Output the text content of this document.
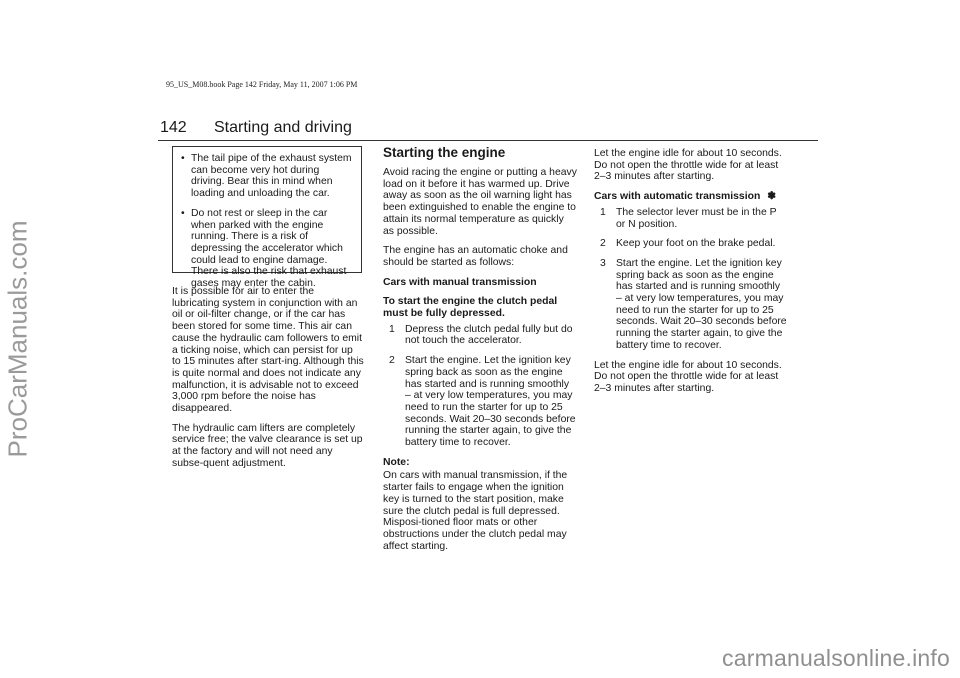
ProCarManuals.com
95_US_M08.book Page 142 Friday, May 11, 2007 1:06 PM
142 Starting and driving
• The tail pipe of the exhaust system can become very hot during driving. Bear this in mind when loading and unloading the car.
• Do not rest or sleep in the car when parked with the engine running. There is a risk of depressing the accelerator which could lead to engine damage. There is also the risk that exhaust gases may enter the cabin.

It is possible for air to enter the lubricating system in conjunction with an oil or oil-filter change, or if the car has been stored for some time. This air can cause the hydraulic cam followers to emit a ticking noise, which can persist for up to 15 minutes after start-ing. Although this is quite normal and does not indicate any malfunction, it is advisable not to exceed 3,000 rpm before the noise has disappeared.

The hydraulic cam lifters are completely service free; the valve clearance is set up at the factory and will not need any subse-quent adjustment.

Starting the engine

Avoid racing the engine or putting a heavy load on it before it has warmed up. Drive away as soon as the oil warning light has been extinguished to enable the engine to attain its normal temperature as quickly as possible.

The engine has an automatic choke and should be started as follows:

Cars with manual transmission

To start the engine the clutch pedal must be fully depressed.

1 Depress the clutch pedal fully but do not touch the accelerator.
2 Start the engine. Let the ignition key spring back as soon as the engine has started and is running smoothly – at very low temperatures, you may need to run the starter for up to 25 seconds. Wait 20–30 seconds before running the starter again, to give the battery time to recover.

Note:

On cars with manual transmission, if the starter fails to engage when the ignition key is turned to the start position, make sure the clutch pedal is full depressed. Misposi-tioned floor mats or other obstructions under the clutch pedal may affect starting.

Let the engine idle for about 10 seconds. Do not open the throttle wide for at least 2–3 minutes after starting.

Cars with automatic transmission ✽

1 The selector lever must be in the P or N position.
2 Keep your foot on the brake pedal.
3 Start the engine. Let the ignition key spring back as soon as the engine has started and is running smoothly – at very low temperatures, you may need to run the starter for up to 25 seconds. Wait 20–30 seconds before running the starter again, to give the battery time to recover.

Let the engine idle for about 10 seconds. Do not open the throttle wide for at least 2–3 minutes after starting.

carmanualsonline.info
